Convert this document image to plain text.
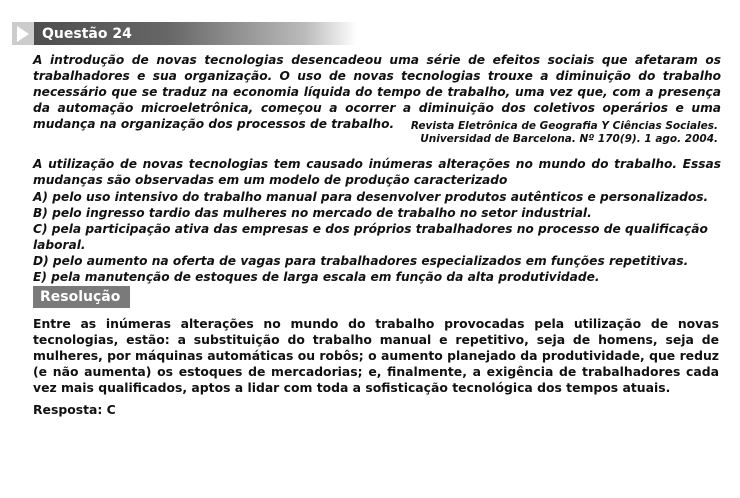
Questão 24
A introdução de novas tecnologias desencadeou uma série de efeitos sociais que afetaram os trabalhadores e sua organização. O uso de novas tecnologias trouxe a diminuição do trabalho necessário que se traduz na economia líquida do tempo de trabalho, uma vez que, com a presença da automação microeletrônica, começou a ocorrer a diminuição dos coletivos operários e uma mudança na organização dos processos de trabalho.	Revista Eletrônica de Geografia Y Ciências Sociales.
Universidad de Barcelona. Nº 170(9). 1 ago. 2004.
A utilização de novas tecnologias tem causado inúmeras alterações no mundo do trabalho. Essas mudanças são observadas em um modelo de produção caracterizado
A) pelo uso intensivo do trabalho manual para desenvolver produtos autênticos e personalizados.
B) pelo ingresso tardio das mulheres no mercado de trabalho no setor industrial.
C) pela participação ativa das empresas e dos próprios trabalhadores no processo de qualificação laboral.
D) pelo aumento na oferta de vagas para trabalhadores especializados em funções repetitivas.
E) pela manutenção de estoques de larga escala em função da alta produtividade.
Resolução
Entre as inúmeras alterações no mundo do trabalho provocadas pela utilização de novas tecnologias, estão: a substituição do trabalho manual e repetitivo, seja de homens, seja de mulheres, por máquinas automáticas ou robôs; o aumento planejado da produtividade, que reduz (e não aumenta) os estoques de mercadorias; e, finalmente, a exigência de trabalhadores cada vez mais qualificados, aptos a lidar com toda a sofisticação tecnológica dos tempos atuais.
Resposta: C
